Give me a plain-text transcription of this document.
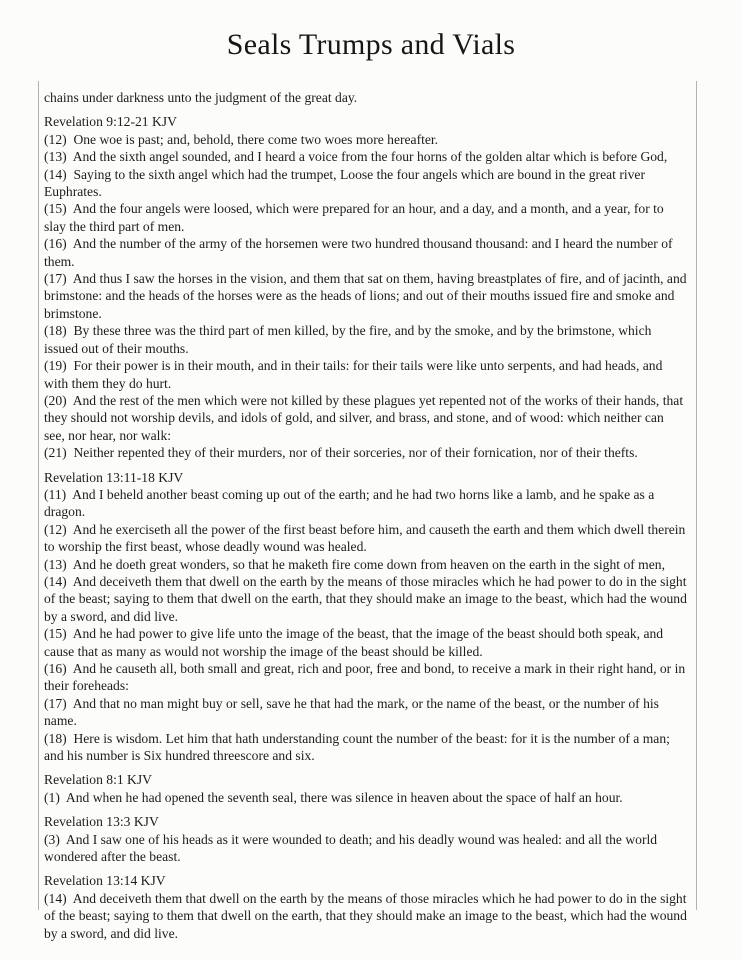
Seals Trumps and Vials

chains under darkness unto the judgment of the great day.

Revelation 9:12-21 KJV

(12)  One woe is past; and, behold, there come two woes more hereafter.

(13)  And the sixth angel sounded, and I heard a voice from the four horns of the golden altar which is before God,

(14)  Saying to the sixth angel which had the trumpet, Loose the four angels which are bound in the great river Euphrates.

(15)  And the four angels were loosed, which were prepared for an hour, and a day, and a month, and a year, for to slay the third part of men.

(16)  And the number of the army of the horsemen were two hundred thousand thousand: and I heard the number of them.

(17)  And thus I saw the horses in the vision, and them that sat on them, having breastplates of fire, and of jacinth, and brimstone: and the heads of the horses were as the heads of lions; and out of their mouths issued fire and smoke and brimstone.

(18)  By these three was the third part of men killed, by the fire, and by the smoke, and by the brimstone, which issued out of their mouths.

(19)  For their power is in their mouth, and in their tails: for their tails were like unto serpents, and had heads, and with them they do hurt.

(20)  And the rest of the men which were not killed by these plagues yet repented not of the works of their hands, that they should not worship devils, and idols of gold, and silver, and brass, and stone, and of wood: which neither can see, nor hear, nor walk:

(21)  Neither repented they of their murders, nor of their sorceries, nor of their fornication, nor of their thefts.

Revelation 13:11-18 KJV

(11)  And I beheld another beast coming up out of the earth; and he had two horns like a lamb, and he spake as a dragon.

(12)  And he exerciseth all the power of the first beast before him, and causeth the earth and them which dwell therein to worship the first beast, whose deadly wound was healed.

(13)  And he doeth great wonders, so that he maketh fire come down from heaven on the earth in the sight of men,

(14)  And deceiveth them that dwell on the earth by the means of those miracles which he had power to do in the sight of the beast; saying to them that dwell on the earth, that they should make an image to the beast, which had the wound by a sword, and did live.

(15)  And he had power to give life unto the image of the beast, that the image of the beast should both speak, and cause that as many as would not worship the image of the beast should be killed.

(16)  And he causeth all, both small and great, rich and poor, free and bond, to receive a mark in their right hand, or in their foreheads:

(17)  And that no man might buy or sell, save he that had the mark, or the name of the beast, or the number of his name.

(18)  Here is wisdom. Let him that hath understanding count the number of the beast: for it is the number of a man; and his number is Six hundred threescore and six.

Revelation 8:1 KJV

(1)  And when he had opened the seventh seal, there was silence in heaven about the space of half an hour.

Revelation 13:3 KJV

(3)  And I saw one of his heads as it were wounded to death; and his deadly wound was healed: and all the world wondered after the beast.

Revelation 13:14 KJV

(14)  And deceiveth them that dwell on the earth by the means of those miracles which he had power to do in the sight of the beast; saying to them that dwell on the earth, that they should make an image to the beast, which had the wound by a sword, and did live.
